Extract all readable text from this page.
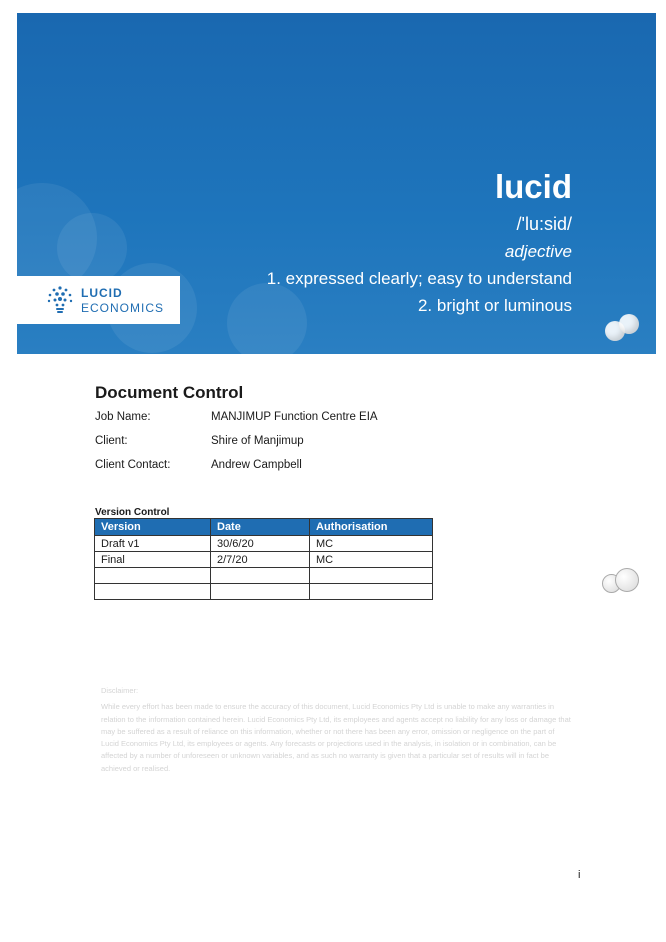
lucid
/'lu:sid/
adjective
1. expressed clearly; easy to understand
2. bright or luminous
LUCID
ECONOMICS
Document Control
Job Name:	MANJIMUP Function Centre EIA
Client:	Shire of Manjimup
Client Contact:	Andrew Campbell
Version Control
Version	Date	Authorisation
Draft v1	30/6/20	MC
Final	2/7/20	MC

Disclaimer:
While every effort has been made to ensure the accuracy of this document, Lucid Economics Pty Ltd is unable to make any warranties in relation to the information contained herein. Lucid Economics Pty Ltd, its employees and agents accept no liability for any loss or damage that may be suffered as a result of reliance on this information, whether or not there has been any error, omission or negligence on the part of Lucid Economics Pty Ltd, its employees or agents. Any forecasts or projections used in the analysis, in isolation or in combination, can be affected by a number of unforeseen or unknown variables, and as such no warranty is given that a particular set of results will in fact be achieved or realised.
i
